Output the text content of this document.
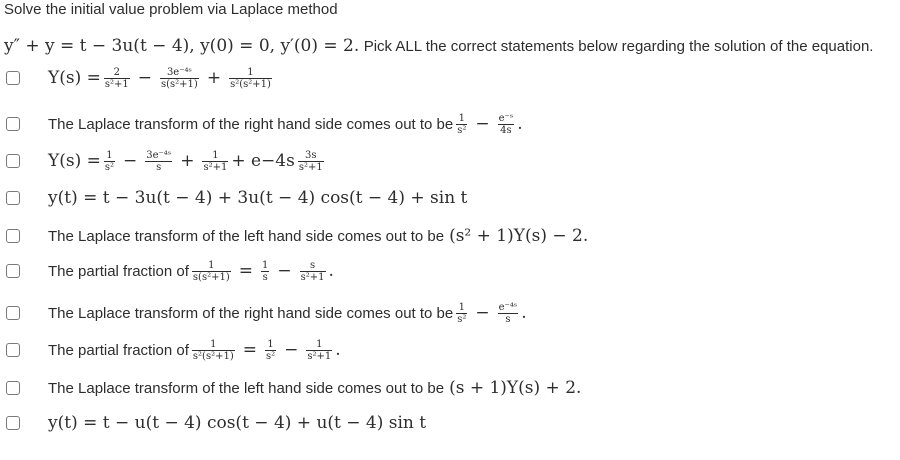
Solve the initial value problem via Laplace method
y″ + y = t − 3u(t − 4), y(0) = 0, y′(0) = 2. Pick ALL the correct statements below regarding the solution of the equation.
$Y(s) = \frac{2}{\text{s²+1}} - \frac{\text{3e⁻⁴ˢ}}{\text{s(s²+1)}} + \frac{1}{\text{s²(s²+1)}}$
The Laplace transform of the right hand side comes out to be $\frac{1}{\text{s²}} - \frac{\text{e⁻ˢ}}{4s}$ .
$Y(s) = \frac{1}{\text{s²}} - \frac{\text{3e⁻⁴ˢ}}{s} + \frac{1}{\text{s²+1}} + e -4s \frac{3s}{\text{s²+1}}$
y(t) = t − 3u(t − 4) + 3u(t − 4) cos(t − 4) + sin t
The Laplace transform of the left hand side comes out to be (s² + 1)Y(s) − 2.
The partial fraction of $\frac{1}{\text{s(s²+1)}} = \frac{1}{s} - \frac{s}{\text{s²+1}}$ .
The Laplace transform of the right hand side comes out to be $\frac{1}{\text{s²}} - \frac{\text{e⁻⁴ˢ}}{s}$ .
The partial fraction of $\frac{1}{\text{s²(s²+1)}} = \frac{1}{\text{s²}} - \frac{1}{\text{s²+1}}$ .
The Laplace transform of the left hand side comes out to be (s + 1)Y(s) + 2.
y(t) = t − u(t − 4) cos(t − 4) + u(t − 4) sin t
